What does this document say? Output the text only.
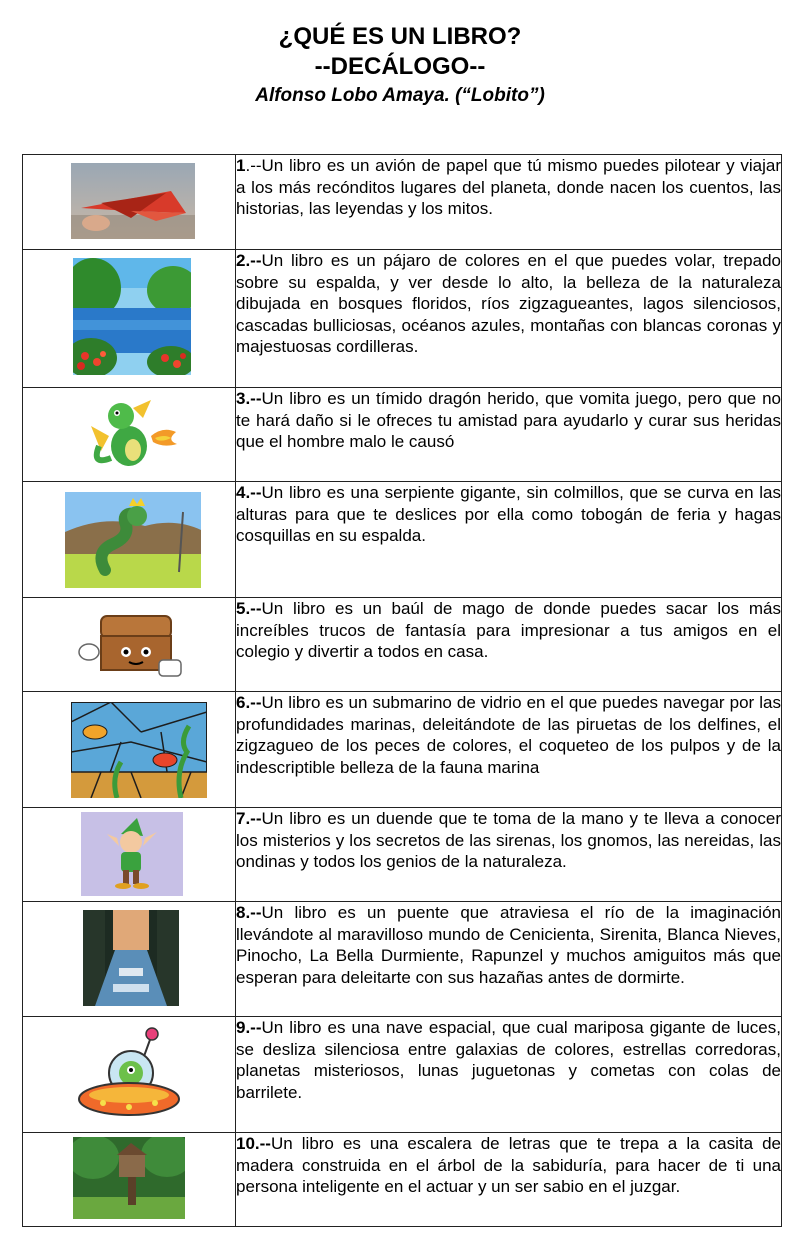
¿QUÉ ES UN LIBRO?
--DECÁLOGO--
Alfonso Lobo Amaya. (“Lobito”)
	1.--Un libro es un avión de papel que tú mismo puedes pilotear y viajar a los más recónditos lugares del planeta, donde nacen los cuentos, las historias, las leyendas y los mitos.

	2.--Un libro es un pájaro de colores en el que puedes volar, trepado sobre su espalda, y ver desde lo alto, la belleza de la naturaleza dibujada en bosques floridos, ríos zigzagueantes, lagos silenciosos, cascadas bulliciosas, océanos azules, montañas con blancas coronas y majestuosas cordilleras.

	3.--Un libro es un tímido dragón herido, que vomita juego, pero que no te hará daño si le ofreces tu amistad para ayudarlo y curar sus heridas que el hombre malo le causó

	4.--Un libro es una serpiente gigante, sin colmillos, que se curva en las alturas para que te deslices por ella como tobogán de feria y hagas cosquillas en su espalda.

	5.--Un libro es un baúl de mago de donde puedes sacar los más increíbles trucos de fantasía para impresionar a tus amigos en el colegio y divertir a todos en casa.

	6.--Un libro es un submarino de vidrio en el que puedes navegar por las profundidades marinas, deleitándote de las piruetas de los delfines, el zigzagueo de los peces de colores, el coqueteo de los pulpos y de la indescriptible belleza de la fauna marina

	7.--Un libro es un duende que te toma de la mano y te lleva a conocer los misterios y los secretos de las sirenas, los gnomos, las nereidas, las ondinas y todos los genios de la naturaleza.

	8.--Un libro es un puente que atraviesa el río de la imaginación llevándote al maravilloso mundo de Cenicienta, Sirenita, Blanca Nieves, Pinocho, La Bella Durmiente, Rapunzel y muchos amiguitos más que esperan para deleitarte con sus hazañas antes de dormirte.

	9.--Un libro es una nave espacial, que cual mariposa gigante de luces, se desliza silenciosa entre galaxias de colores, estrellas corredoras, planetas misteriosos, lunas juguetonas y cometas con colas de barrilete.

	10.--Un libro es una escalera de letras que te trepa a la casita de madera construida en el árbol de la sabiduría, para hacer de ti una persona inteligente en el actuar y un ser sabio en el juzgar.
